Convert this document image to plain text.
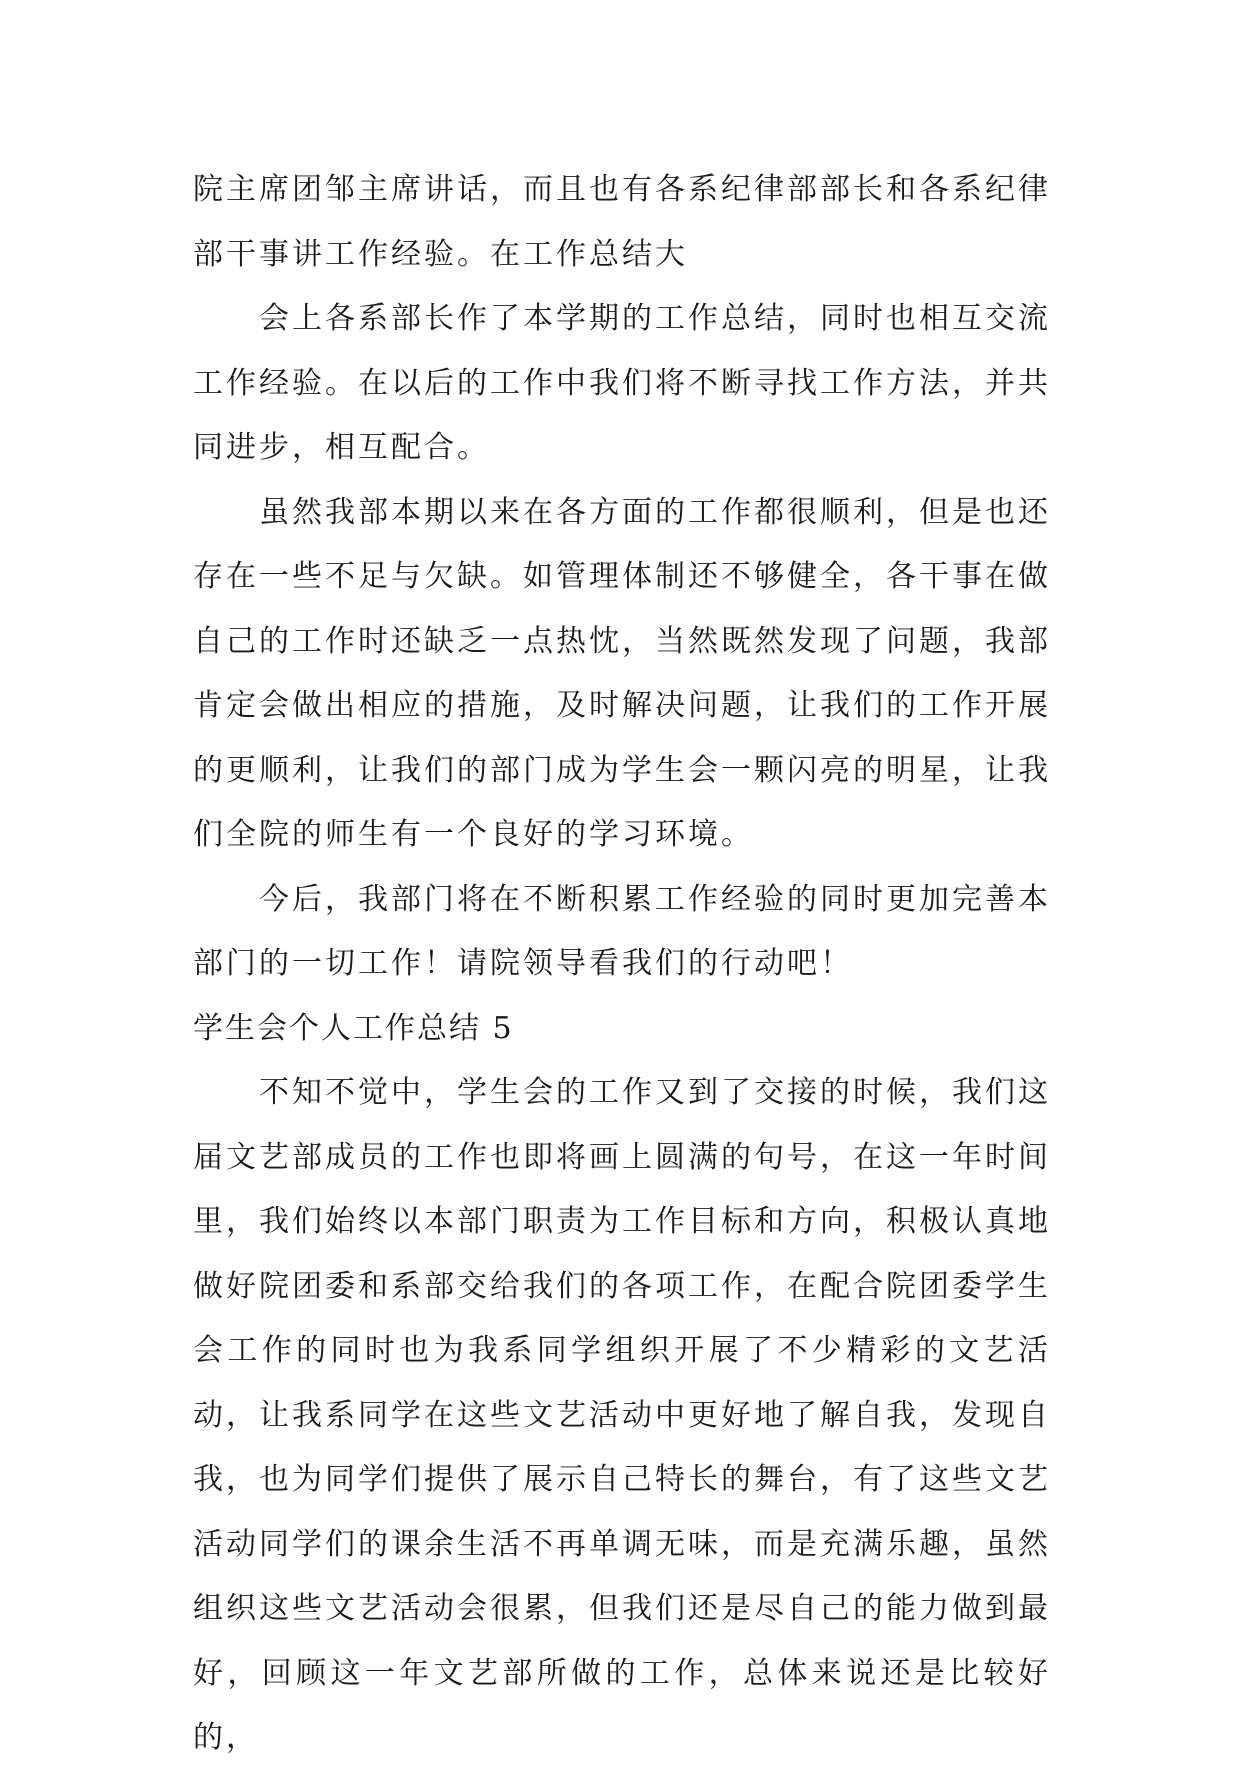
院主席团邹主席讲话，而且也有各系纪律部部长和各系纪律部干事讲工作经验。在工作总结大

会上各系部长作了本学期的工作总结，同时也相互交流工作经验。在以后的工作中我们将不断寻找工作方法，并共同进步，相互配合。

虽然我部本期以来在各方面的工作都很顺利，但是也还存在一些不足与欠缺。如管理体制还不够健全，各干事在做自己的工作时还缺乏一点热忱，当然既然发现了问题，我部肯定会做出相应的措施，及时解决问题，让我们的工作开展的更顺利，让我们的部门成为学生会一颗闪亮的明星，让我们全院的师生有一个良好的学习环境。

今后，我部门将在不断积累工作经验的同时更加完善本部门的一切工作！请院领导看我们的行动吧！

学生会个人工作总结 5

不知不觉中，学生会的工作又到了交接的时候，我们这届文艺部成员的工作也即将画上圆满的句号，在这一年时间里，我们始终以本部门职责为工作目标和方向，积极认真地做好院团委和系部交给我们的各项工作，在配合院团委学生会工作的同时也为我系同学组织开展了不少精彩的文艺活动，让我系同学在这些文艺活动中更好地了解自我，发现自我，也为同学们提供了展示自己特长的舞台，有了这些文艺活动同学们的课余生活不再单调无味，而是充满乐趣，虽然组织这些文艺活动会很累，但我们还是尽自己的能力做到最好，回顾这一年文艺部所做的工作，总体来说还是比较好的，
